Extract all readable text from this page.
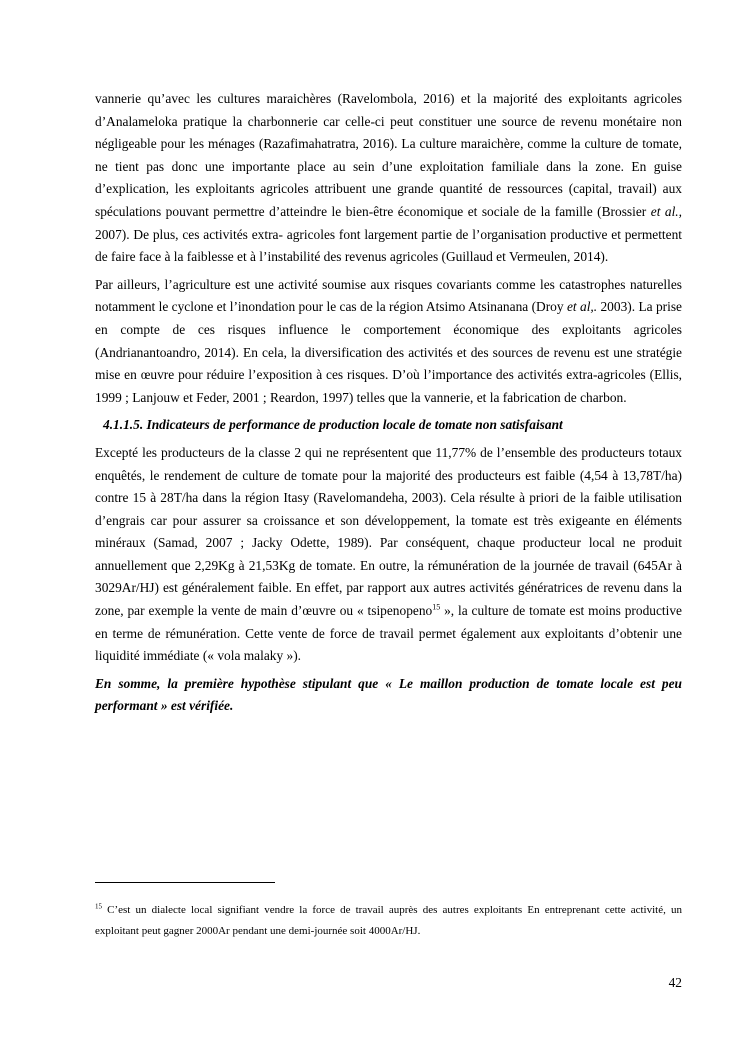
vannerie qu’avec les cultures maraichères (Ravelombola, 2016) et la majorité des exploitants agricoles d’Analameloka pratique la charbonnerie car celle-ci peut constituer une source de revenu monétaire non négligeable pour les ménages (Razafimahatratra, 2016). La culture maraichère, comme la culture de tomate, ne tient pas donc une importante place au sein d’une exploitation familiale dans la zone. En guise d’explication, les exploitants agricoles attribuent une grande quantité de ressources (capital, travail) aux spéculations pouvant permettre d’atteindre le bien-être économique et sociale de la famille (Brossier et al., 2007). De plus, ces activités extra- agricoles font largement partie de l’organisation productive et permettent de faire face à la faiblesse et à l’instabilité des revenus agricoles (Guillaud et Vermeulen, 2014).

Par ailleurs, l’agriculture est une activité soumise aux risques covariants comme les catastrophes naturelles notamment le cyclone et l’inondation pour le cas de la région Atsimo Atsinanana (Droy et al,. 2003). La prise en compte de ces risques influence le comportement économique des exploitants agricoles (Andrianantoandro, 2014). En cela, la diversification des activités et des sources de revenu est une stratégie mise en œuvre pour réduire l’exposition à ces risques. D’où l’importance des activités extra-agricoles (Ellis, 1999 ; Lanjouw et Feder, 2001 ; Reardon, 1997) telles que la vannerie, et la fabrication de charbon.

4.1.1.5. Indicateurs de performance de production locale de tomate non satisfaisant

Excepté les producteurs de la classe 2 qui ne représentent que 11,77% de l’ensemble des producteurs totaux enquêtés, le rendement de culture de tomate pour la majorité des producteurs est faible (4,54 à 13,78T/ha) contre 15 à 28T/ha dans la région Itasy (Ravelomandeha, 2003). Cela résulte à priori de la faible utilisation d’engrais car pour assurer sa croissance et son développement, la tomate est très exigeante en éléments minéraux (Samad, 2007 ; Jacky Odette, 1989). Par conséquent, chaque producteur local ne produit annuellement que 2,29Kg à 21,53Kg de tomate. En outre, la rémunération de la journée de travail (645Ar à 3029Ar/HJ) est généralement faible. En effet, par rapport aux autres activités génératrices de revenu dans la zone, par exemple la vente de main d’œuvre ou « tsipenopeno$^{15}$ », la culture de tomate est moins productive en terme de rémunération. Cette vente de force de travail permet également aux exploitants d’obtenir une liquidité immédiate (« vola malaky »).

En somme, la première hypothèse stipulant que « Le maillon production de tomate locale est peu performant » est vérifiée.

$^{15}$ C’est un dialecte local signifiant vendre la force de travail auprès des autres exploitants En entreprenant cette activité, un exploitant peut gagner 2000Ar pendant une demi-journée soit 4000Ar/HJ.
42
